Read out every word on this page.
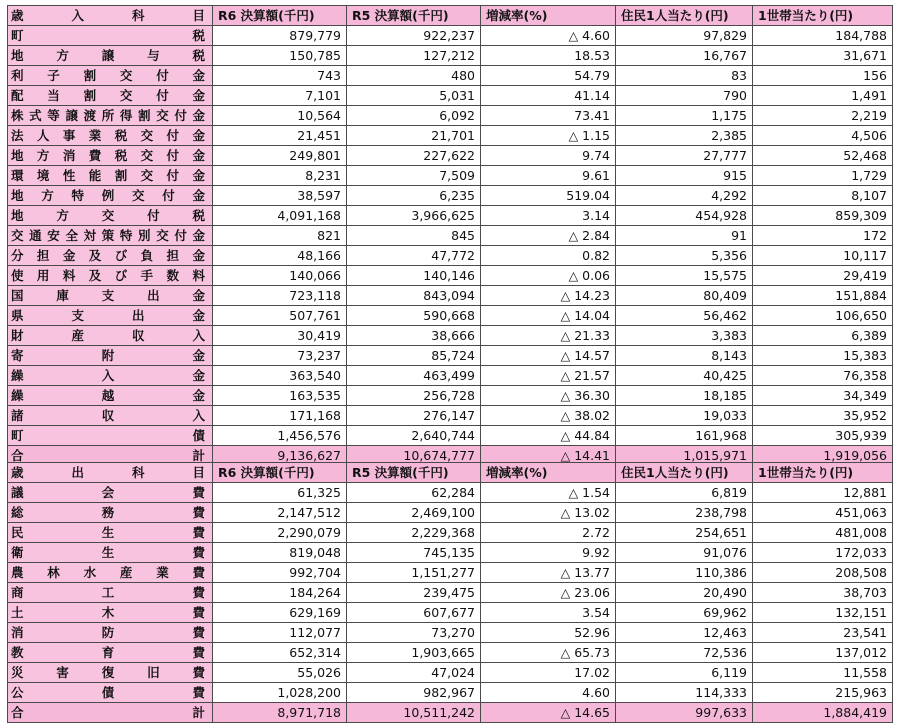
歳入科目	R6 決算額(千円)	R5 決算額(千円)	増減率(%)	住民1人当たり(円)	1世帯当たり(円)
町税	879,779	922,237	△ 4.60	97,829	184,788
地方譲与税	150,785	127,212	18.53	16,767	31,671
利子割交付金	743	480	54.79	83	156
配当割交付金	7,101	5,031	41.14	790	1,491
株式等譲渡所得割交付金	10,564	6,092	73.41	1,175	2,219
法人事業税交付金	21,451	21,701	△ 1.15	2,385	4,506
地方消費税交付金	249,801	227,622	9.74	27,777	52,468
環境性能割交付金	8,231	7,509	9.61	915	1,729
地方特例交付金	38,597	6,235	519.04	4,292	8,107
地方交付税	4,091,168	3,966,625	3.14	454,928	859,309
交通安全対策特別交付金	821	845	△ 2.84	91	172
分担金及び負担金	48,166	47,772	0.82	5,356	10,117
使用料及び手数料	140,066	140,146	△ 0.06	15,575	29,419
国庫支出金	723,118	843,094	△ 14.23	80,409	151,884
県支出金	507,761	590,668	△ 14.04	56,462	106,650
財産収入	30,419	38,666	△ 21.33	3,383	6,389
寄附金	73,237	85,724	△ 14.57	8,143	15,383
繰入金	363,540	463,499	△ 21.57	40,425	76,358
繰越金	163,535	256,728	△ 36.30	18,185	34,349
諸収入	171,168	276,147	△ 38.02	19,033	35,952
町債	1,456,576	2,640,744	△ 44.84	161,968	305,939
合計	9,136,627	10,674,777	△ 14.41	1,015,971	1,919,056
歳出科目	R6 決算額(千円)	R5 決算額(千円)	増減率(%)	住民1人当たり(円)	1世帯当たり(円)
議会費	61,325	62,284	△ 1.54	6,819	12,881
総務費	2,147,512	2,469,100	△ 13.02	238,798	451,063
民生費	2,290,079	2,229,368	2.72	254,651	481,008
衛生費	819,048	745,135	9.92	91,076	172,033
農林水産業費	992,704	1,151,277	△ 13.77	110,386	208,508
商工費	184,264	239,475	△ 23.06	20,490	38,703
土木費	629,169	607,677	3.54	69,962	132,151
消防費	112,077	73,270	52.96	12,463	23,541
教育費	652,314	1,903,665	△ 65.73	72,536	137,012
災害復旧費	55,026	47,024	17.02	6,119	11,558
公債費	1,028,200	982,967	4.60	114,333	215,963
合計	8,971,718	10,511,242	△ 14.65	997,633	1,884,419
